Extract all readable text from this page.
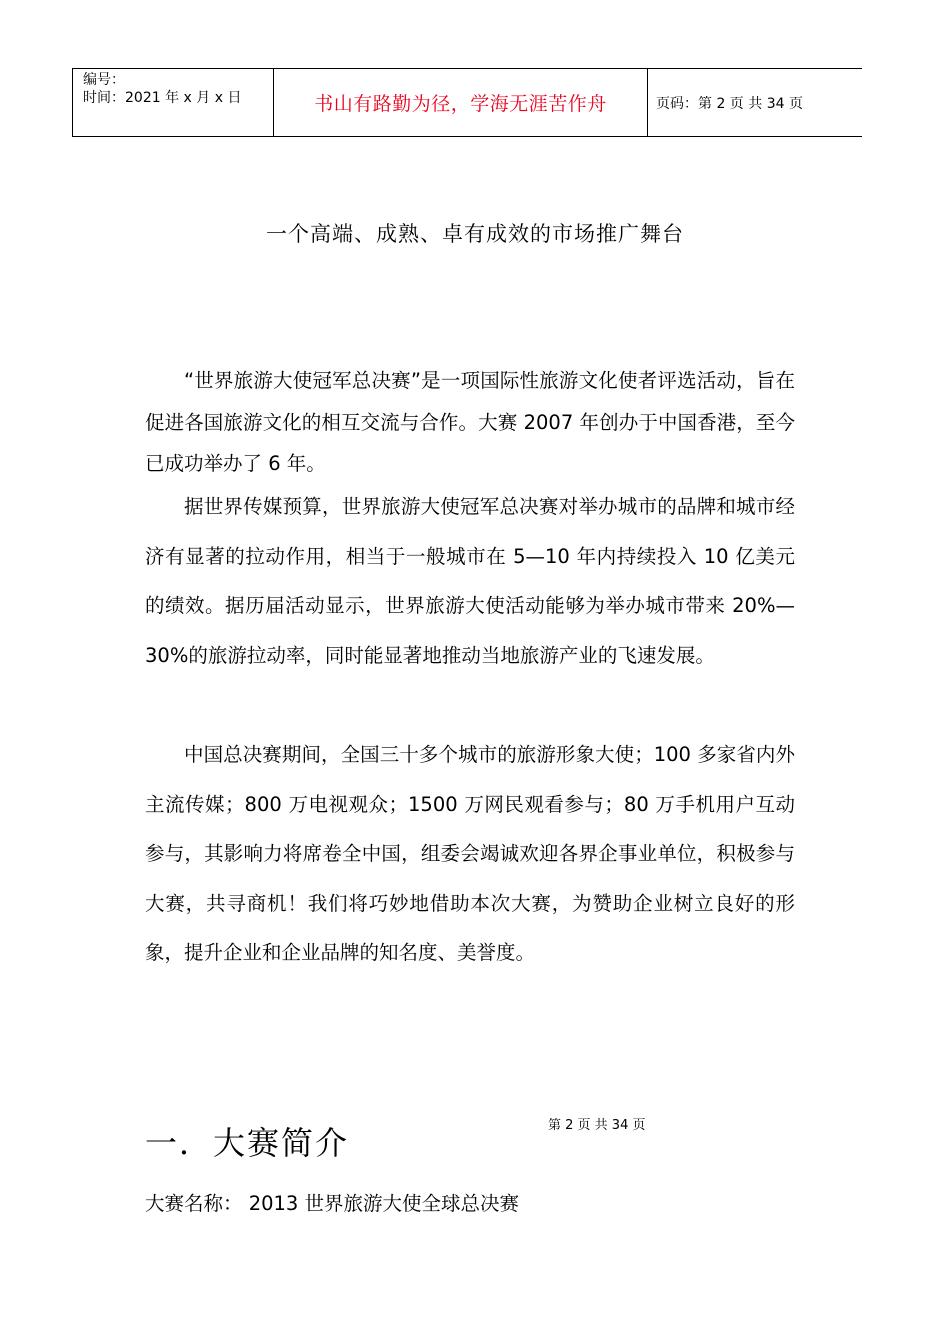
编号：
时间：2021 年 x 月 x 日	书山有路勤为径，学海无涯苦作舟	页码：第 2 页 共 34 页
一个高端、成熟、卓有成效的市场推广舞台

“世界旅游大使冠军总决赛”是一项国际性旅游文化使者评选活动，旨在促进各国旅游文化的相互交流与合作。大赛 2007 年创办于中国香港，至今已成功举办了 6 年。

据世界传媒预算，世界旅游大使冠军总决赛对举办城市的品牌和城市经济有显著的拉动作用，相当于一般城市在 5—10 年内持续投入 10 亿美元的绩效。据历届活动显示，世界旅游大使活动能够为举办城市带来 20%—30%的旅游拉动率，同时能显著地推动当地旅游产业的飞速发展。

中国总决赛期间，全国三十多个城市的旅游形象大使；100 多家省内外主流传媒；800 万电视观众；1500 万网民观看参与；80 万手机用户互动参与，其影响力将席卷全中国，组委会竭诚欢迎各界企事业单位，积极参与大赛，共寻商机！我们将巧妙地借助本次大赛，为赞助企业树立良好的形象，提升企业和企业品牌的知名度、美誉度。

第 2 页 共 34 页
一．大赛简介
大赛名称： 2013 世界旅游大使全球总决赛
